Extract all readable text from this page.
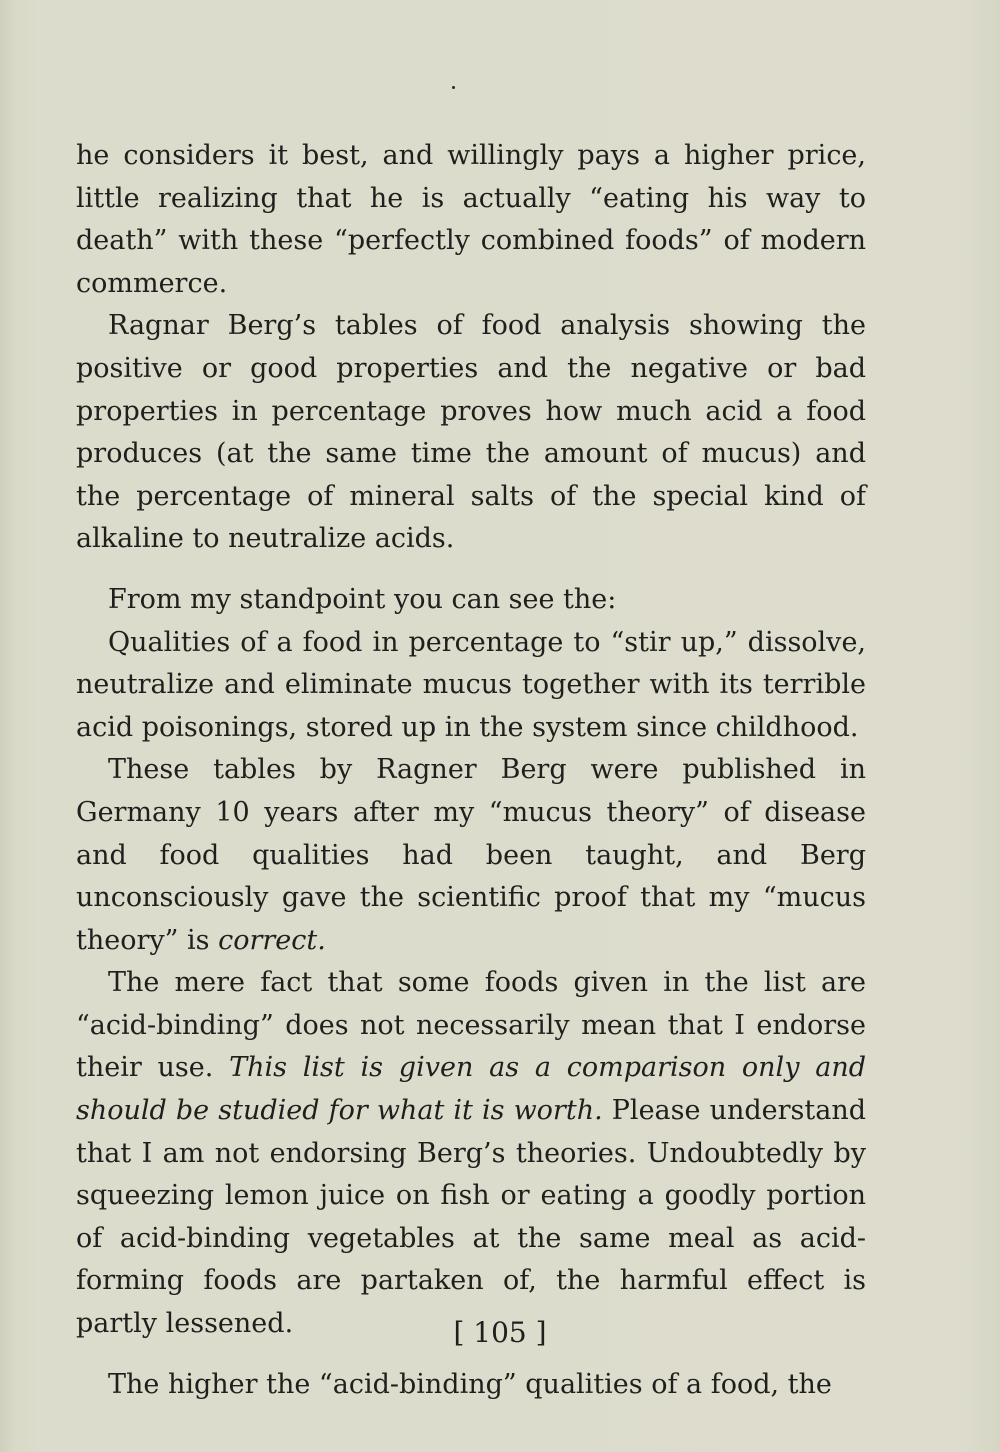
he considers it best, and willingly pays a higher price, little realizing that he is actually “eating his way to death” with these “perfectly combined foods” of modern commerce.

Ragnar Berg’s tables of food analysis showing the positive or good properties and the negative or bad properties in percentage proves how much acid a food produces (at the same time the amount of mucus) and the percentage of mineral salts of the special kind of alkaline to neutralize acids.

From my standpoint you can see the:

Qualities of a food in percentage to “stir up,” dissolve, neutralize and eliminate mucus together with its terrible acid poisonings, stored up in the system since childhood.

These tables by Ragner Berg were published in Germany 10 years after my “mucus theory” of disease and food qualities had been taught, and Berg unconsciously gave the scientific proof that my “mucus theory” is correct.

The mere fact that some foods given in the list are “acid-binding” does not necessarily mean that I endorse their use. This list is given as a comparison only and should be studied for what it is worth. Please understand that I am not endorsing Berg’s theories. Undoubtedly by squeezing lemon juice on fish or eating a goodly portion of acid-binding vegetables at the same meal as acid-forming foods are partaken of, the harmful effect is partly lessened.

The higher the “acid-binding” qualities of a food, the

[ 105 ]
